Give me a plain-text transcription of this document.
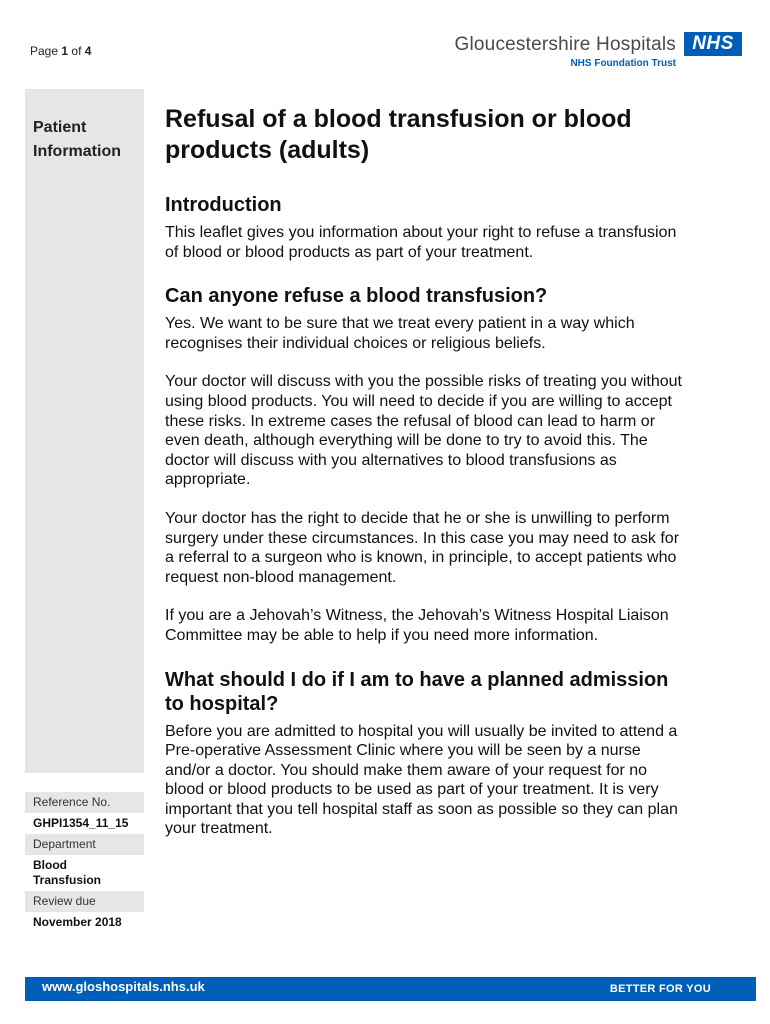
Page 1 of 4	Gloucestershire Hospitals
NHS Foundation Trust
NHS
Patient
Information
Reference No.
GHPI1354_11_15
Department
Blood
Transfusion
Review due
November 2018
Refusal of a blood transfusion or blood products (adults)
Introduction

This leaflet gives you information about your right to refuse a transfusion of blood or blood products as part of your treatment.

Can anyone refuse a blood transfusion?

Yes. We want to be sure that we treat every patient in a way which recognises their individual choices or religious beliefs.

Your doctor will discuss with you the possible risks of treating you without using blood products. You will need to decide if you are willing to accept these risks. In extreme cases the refusal of blood can lead to harm or even death, although everything will be done to try to avoid this. The doctor will discuss with you alternatives to blood transfusions as appropriate.

Your doctor has the right to decide that he or she is unwilling to perform surgery under these circumstances. In this case you may need to ask for a referral to a surgeon who is known, in principle, to accept patients who request non-blood management.

If you are a Jehovah’s Witness, the Jehovah’s Witness Hospital Liaison Committee may be able to help if you need more information.

What should I do if I am to have a planned admission to hospital?

Before you are admitted to hospital you will usually be invited to attend a Pre-operative Assessment Clinic where you will be seen by a nurse and/or a doctor. You should make them aware of your request for no blood or blood products to be used as part of your treatment. It is very important that you tell hospital staff as soon as possible so they can plan your treatment.

www.gloshospitals.nhs.uk	BETTER FOR YOU
